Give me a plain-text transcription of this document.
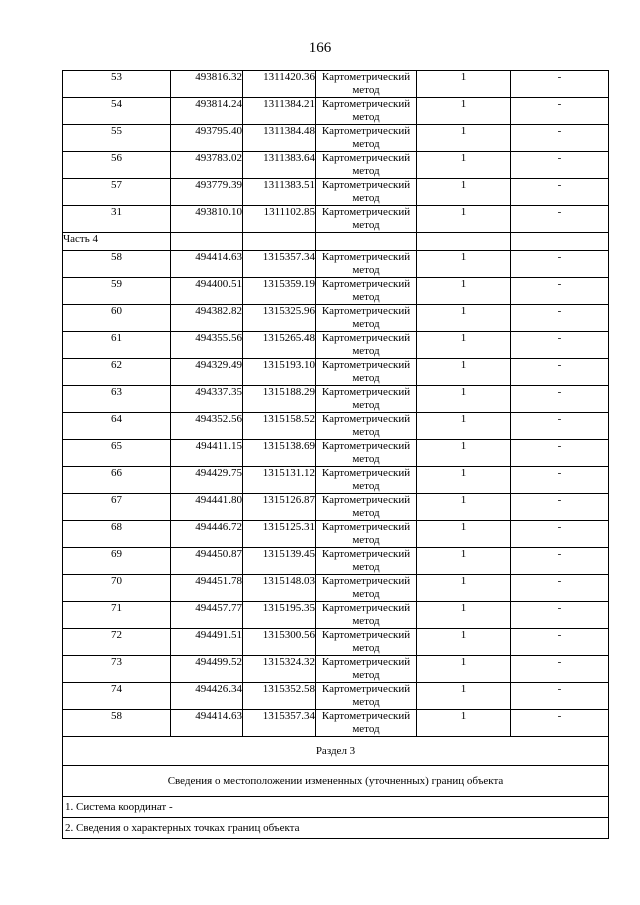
166
53	493816.32	1311420.36	Картометрический метод	1	-
54	493814.24	1311384.21	Картометрический метод	1	-
55	493795.40	1311384.48	Картометрический метод	1	-
56	493783.02	1311383.64	Картометрический метод	1	-
57	493779.39	1311383.51	Картометрический метод	1	-
31	493810.10	1311102.85	Картометрический метод	1	-
Часть 4					
58	494414.63	1315357.34	Картометрический метод	1	-
59	494400.51	1315359.19	Картометрический метод	1	-
60	494382.82	1315325.96	Картометрический метод	1	-
61	494355.56	1315265.48	Картометрический метод	1	-
62	494329.49	1315193.10	Картометрический метод	1	-
63	494337.35	1315188.29	Картометрический метод	1	-
64	494352.56	1315158.52	Картометрический метод	1	-
65	494411.15	1315138.69	Картометрический метод	1	-
66	494429.75	1315131.12	Картометрический метод	1	-
67	494441.80	1315126.87	Картометрический метод	1	-
68	494446.72	1315125.31	Картометрический метод	1	-
69	494450.87	1315139.45	Картометрический метод	1	-
70	494451.78	1315148.03	Картометрический метод	1	-
71	494457.77	1315195.35	Картометрический метод	1	-
72	494491.51	1315300.56	Картометрический метод	1	-
73	494499.52	1315324.32	Картометрический метод	1	-
74	494426.34	1315352.58	Картометрический метод	1	-
58	494414.63	1315357.34	Картометрический метод	1	-
Раздел 3					
Сведения о местоположении измененных (уточненных) границ объекта					
1. Система координат -					
2. Сведения о характерных точках границ объекта					
